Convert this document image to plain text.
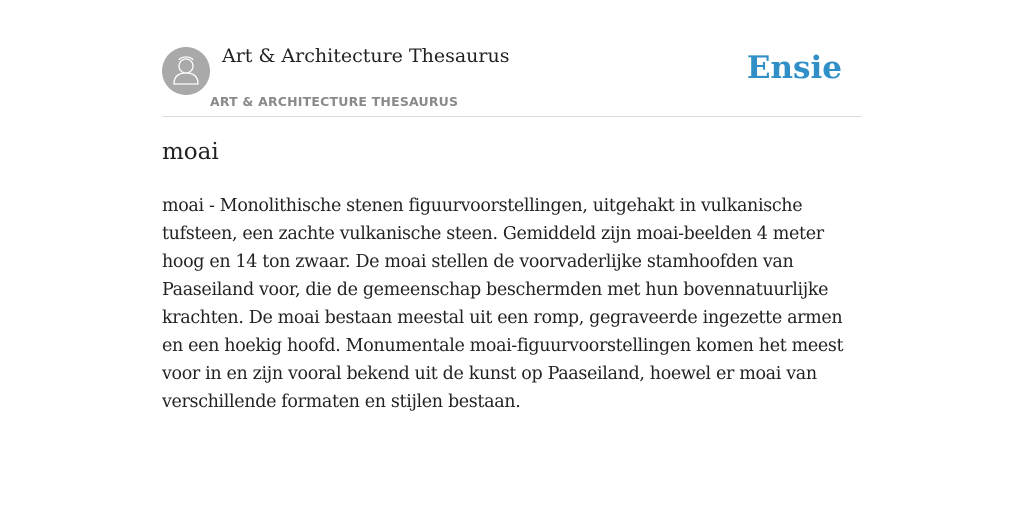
Art & Architecture Thesaurus
ART & ARCHITECTURE THESAURUS
Ensie
moai

moai - Monolithische stenen figuurvoorstellingen, uitgehakt in vulkanische tufsteen, een zachte vulkanische steen. Gemiddeld zijn moai-beelden 4 meter hoog en 14 ton zwaar. De moai stellen de voorvaderlijke stamhoofden van Paaseiland voor, die de gemeenschap beschermden met hun bovennatuurlijke krachten. De moai bestaan meestal uit een romp, gegraveerde ingezette armen en een hoekig hoofd. Monumentale moai-figuurvoorstellingen komen het meest voor in en zijn vooral bekend uit de kunst op Paaseiland, hoewel er moai van verschillende formaten en stijlen bestaan.
